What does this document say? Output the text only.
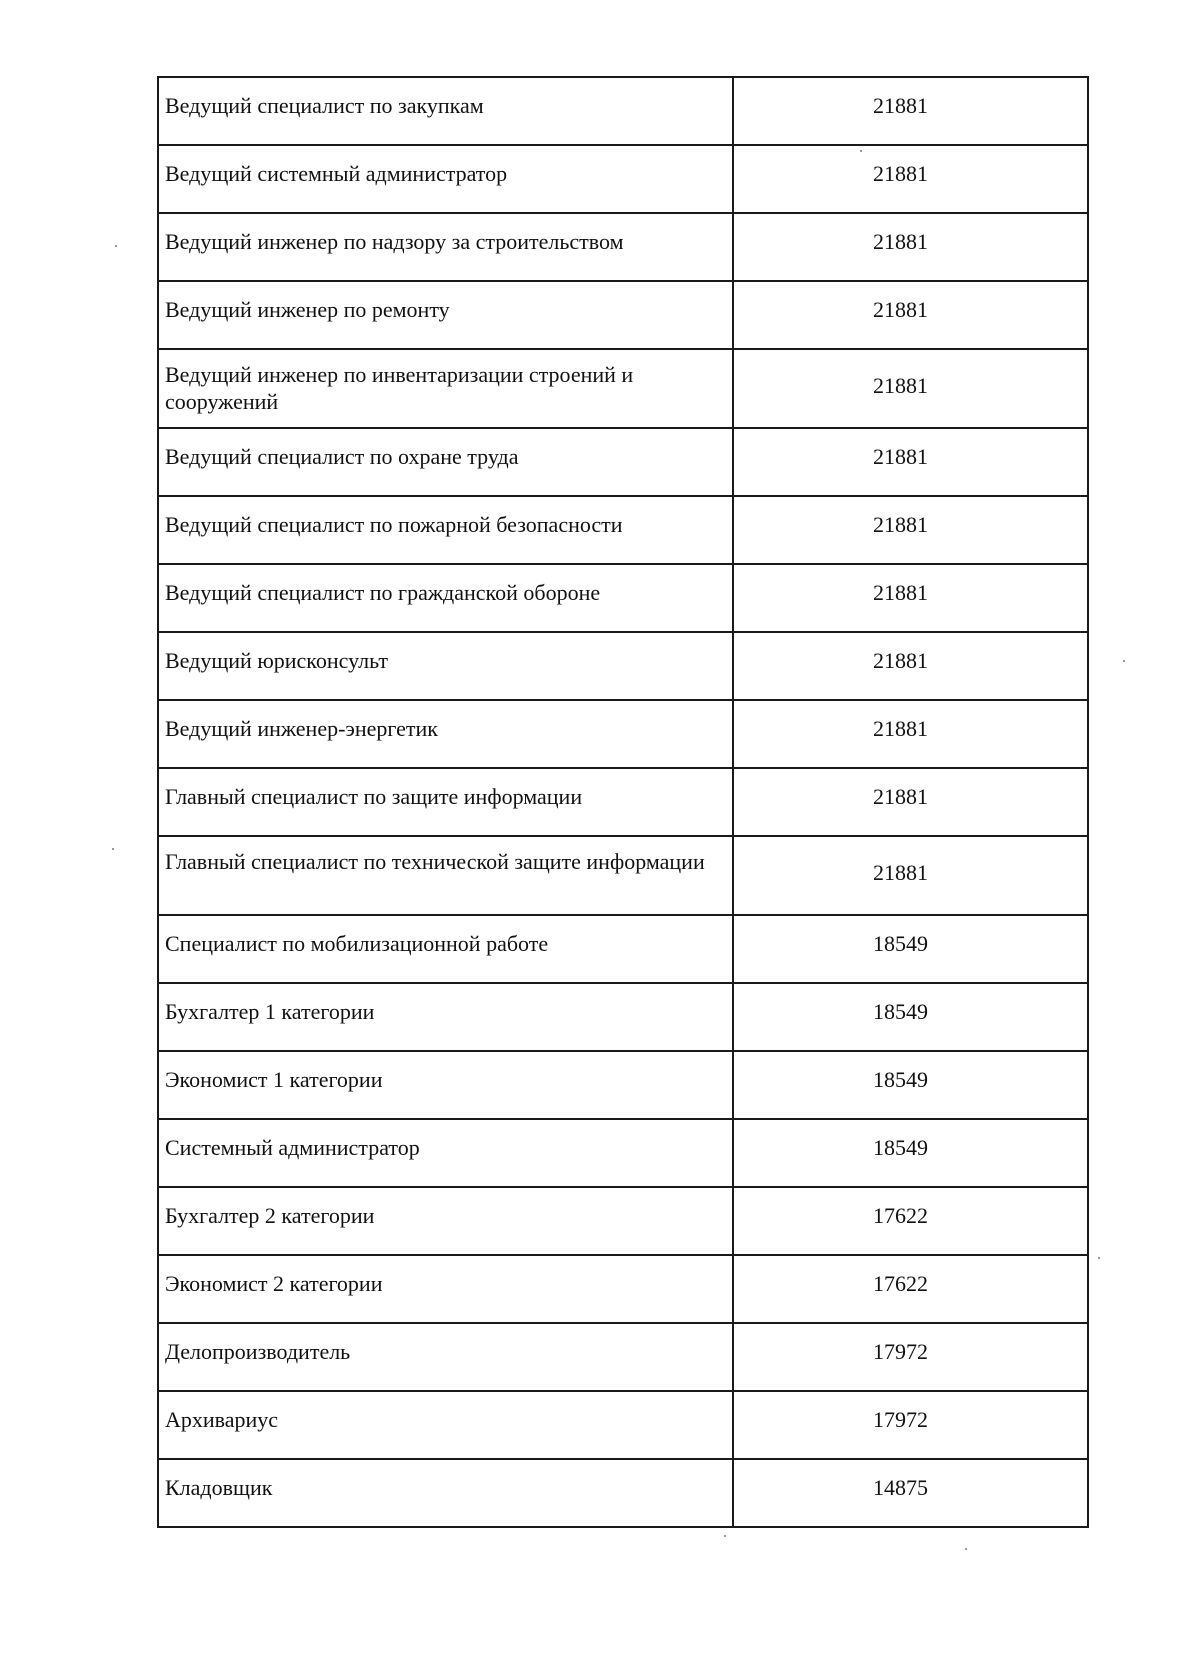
Ведущий специалист по закупкам	21881
Ведущий системный администратор	21881
Ведущий инженер по надзору за строительством	21881
Ведущий инженер по ремонту	21881
Ведущий инженер по инвентаризации строений и сооружений	21881
Ведущий специалист по охране труда	21881
Ведущий специалист по пожарной безопасности	21881
Ведущий специалист по гражданской обороне	21881
Ведущий юрисконсульт	21881
Ведущий инженер-энергетик	21881
Главный специалист по защите информации	21881
Главный специалист по технической защите информации	21881
Специалист по мобилизационной работе	18549
Бухгалтер 1 категории	18549
Экономист 1 категории	18549
Системный администратор	18549
Бухгалтер 2 категории	17622
Экономист 2 категории	17622
Делопроизводитель	17972
Архивариус	17972
Кладовщик	14875
